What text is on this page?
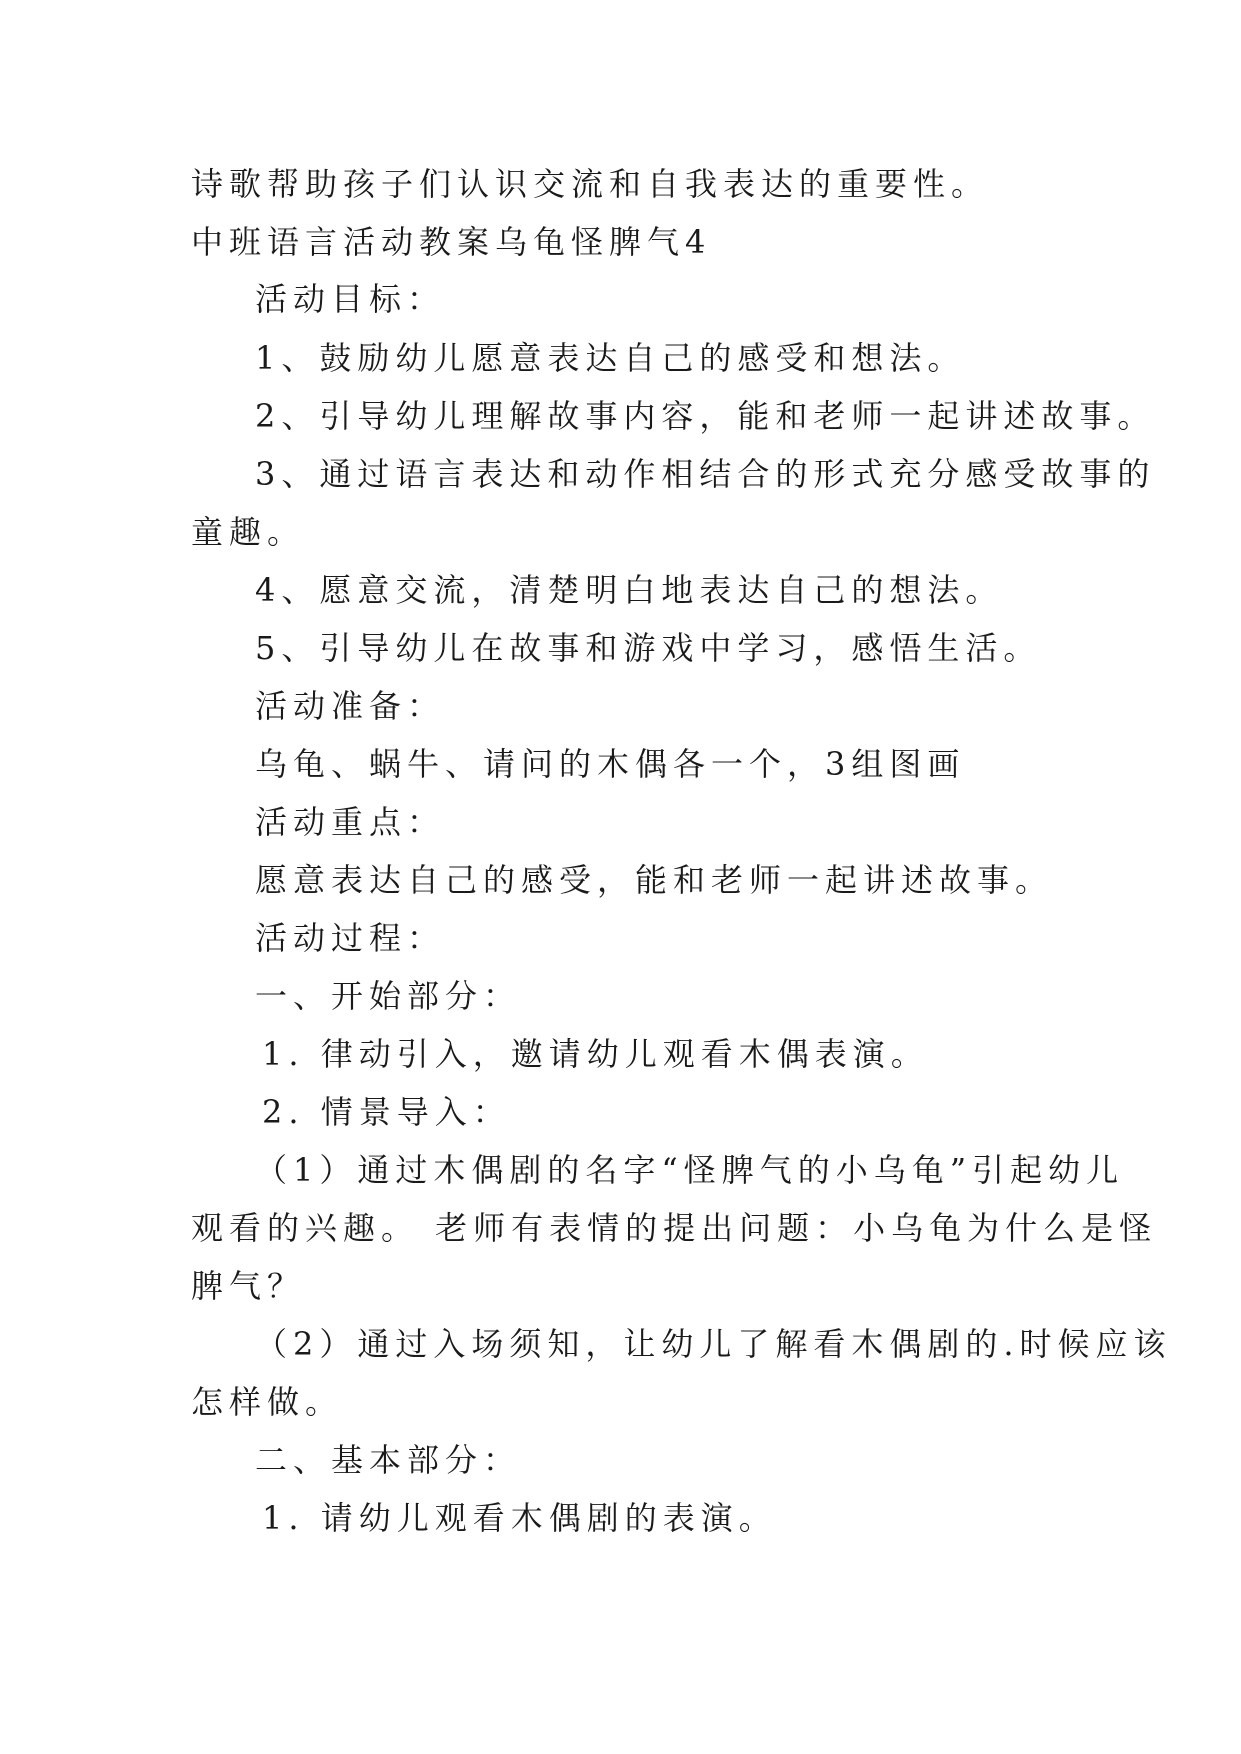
诗歌帮助孩子们认识交流和自我表达的重要性。
中班语言活动教案乌龟怪脾气4
活动目标：
1、鼓励幼儿愿意表达自己的感受和想法。
2、引导幼儿理解故事内容，能和老师一起讲述故事。
3、通过语言表达和动作相结合的形式充分感受故事的
童趣。
4、愿意交流，清楚明白地表达自己的想法。
5、引导幼儿在故事和游戏中学习，感悟生活。
活动准备：
乌龟、蜗牛、请问的木偶各一个，3组图画
活动重点：
愿意表达自己的感受，能和老师一起讲述故事。
活动过程：
一、开始部分：
1. 律动引入，邀请幼儿观看木偶表演。
2. 情景导入：
（1）通过木偶剧的名字“怪脾气的小乌龟”引起幼儿
观看的兴趣。 老师有表情的提出问题：小乌龟为什么是怪
脾气？
（2）通过入场须知，让幼儿了解看木偶剧的.时候应该
怎样做。
二、基本部分：
1. 请幼儿观看木偶剧的表演。
